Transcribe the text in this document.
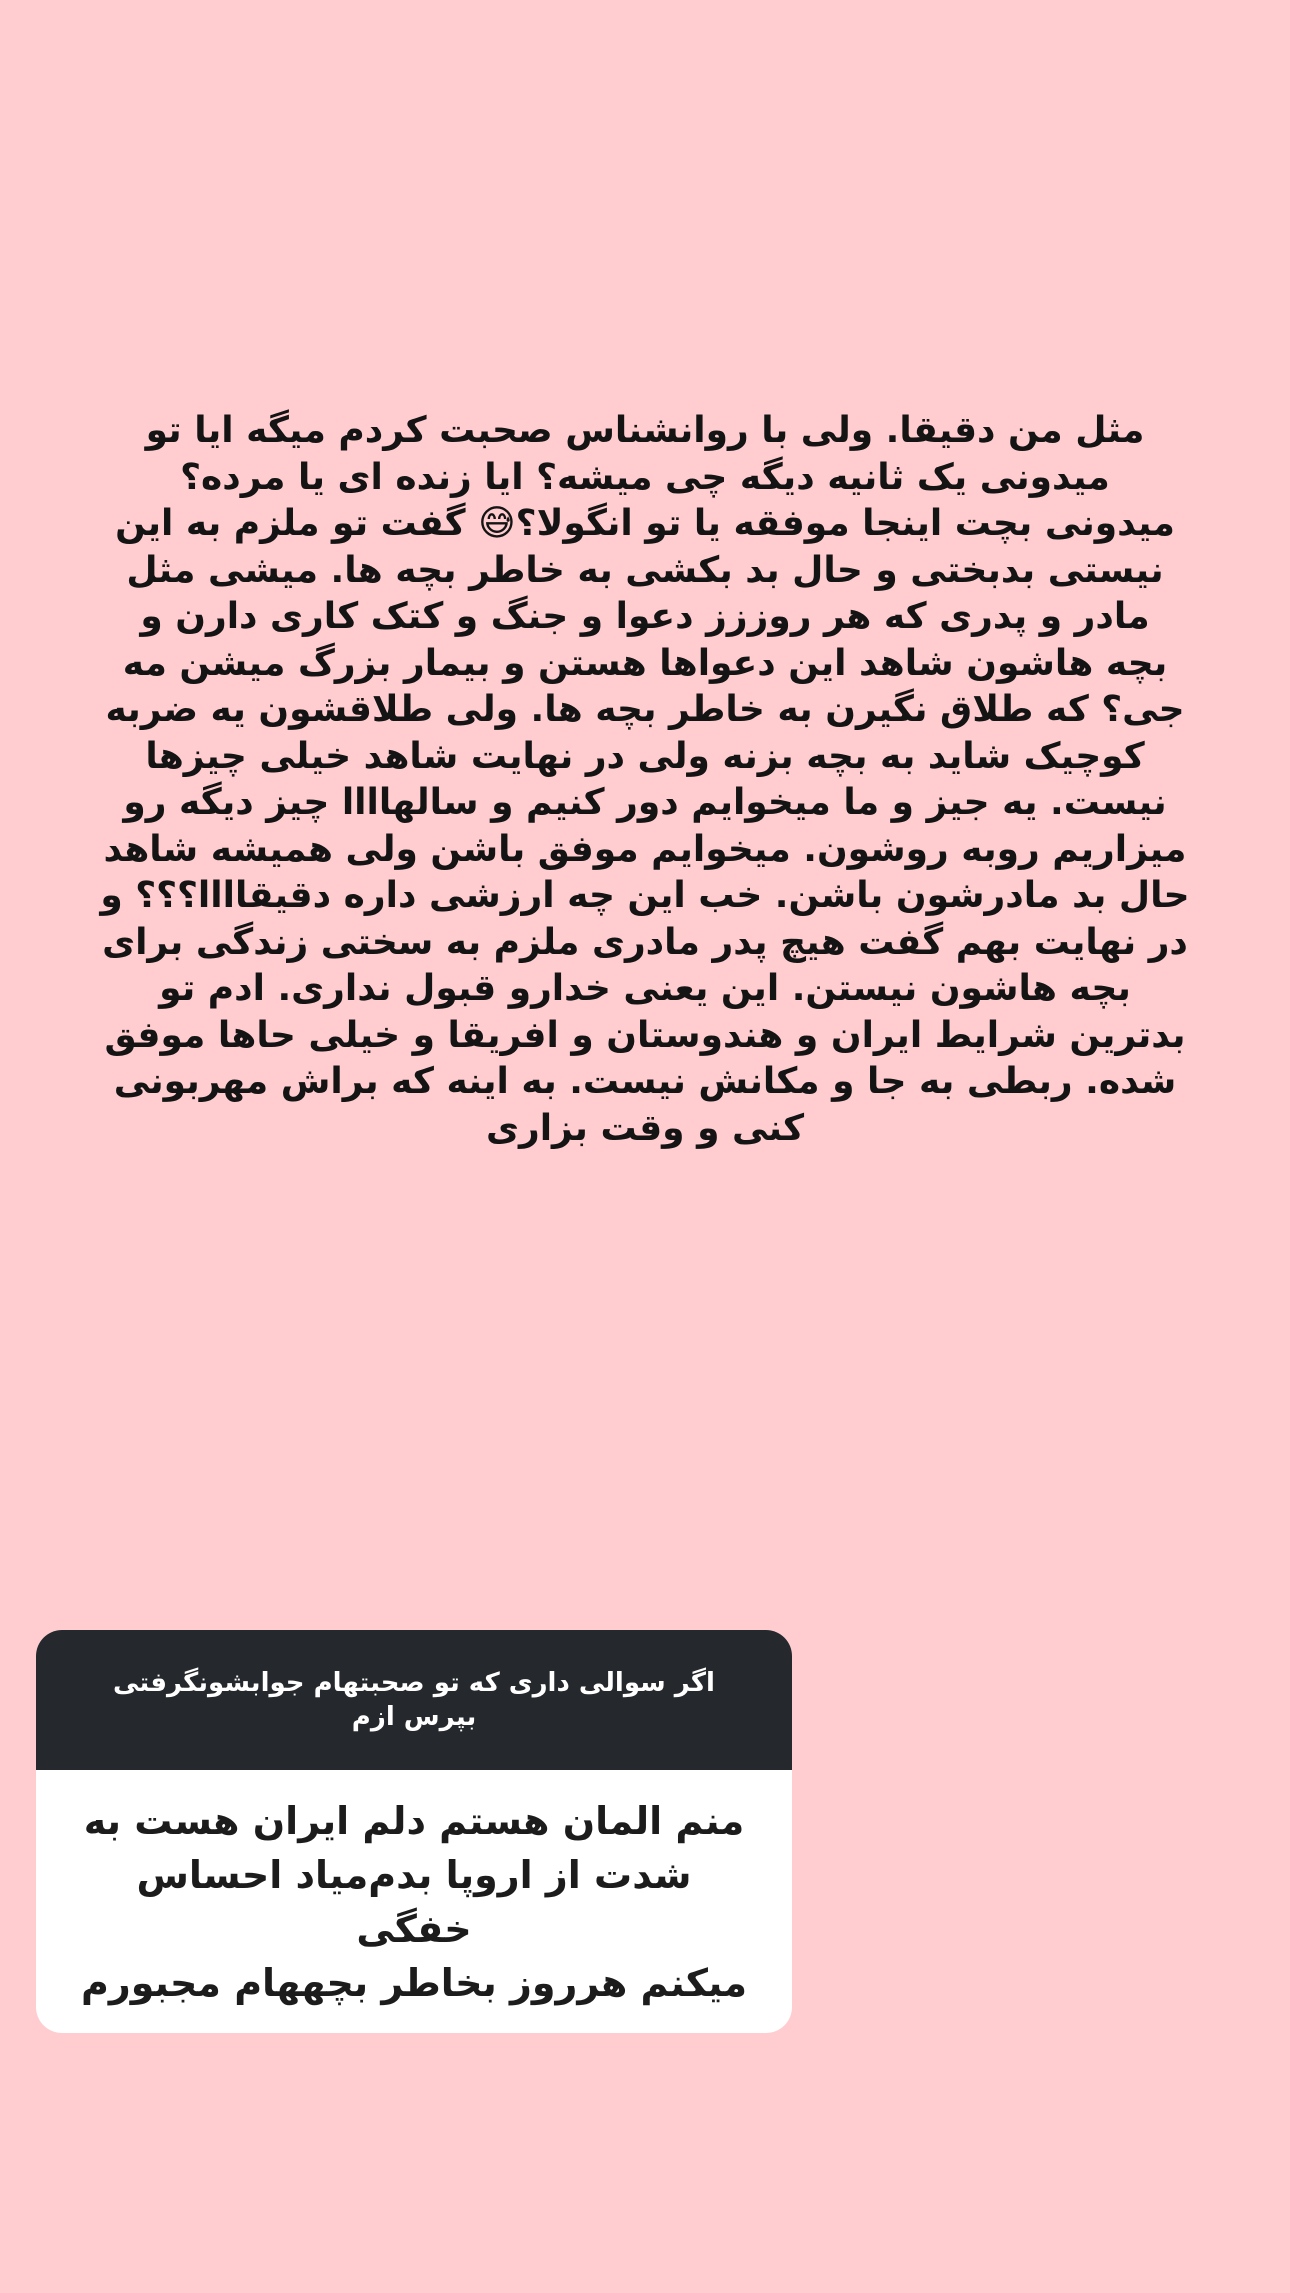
مثل من دقیقا. ولی با روانشناس صحبت کردم میگه ایا تو
میدونی یک ثانیه دیگه چی میشه؟ ایا زنده ای یا مرده؟
میدونی بچت اینجا موفقه یا تو انگولا؟😅 گفت تو ملزم به این
نیستی بدبختی و حال بد بکشی به خاطر بچه ها. میشی مثل
مادر و پدری که هر روززز دعوا و جنگ و کتک کاری دارن و
بچه هاشون شاهد این دعواها هستن و بیمار بزرگ میشن مه
جی؟ که طلاق نگیرن به خاطر بچه ها. ولی طلاقشون یه ضربه
کوچیک شاید به بچه بزنه ولی در نهایت شاهد خیلی چیزها
نیست. یه جیز و ما میخوایم دور کنیم و سالهاااا چیز دیگه رو
میزاریم روبه روشون. میخوایم موفق باشن ولی همیشه شاهد
حال بد مادرشون باشن. خب این چه ارزشی داره دقیقاااا؟؟؟ و
در نهایت بهم گفت هیچ پدر مادری ملزم به سختی زندگی برای
بچه هاشون نیستن. این یعنی خدارو قبول نداری. ادم تو
بدترین شرایط ایران و هندوستان و افریقا و خیلی حاها موفق
شده. ربطی به جا و مکانش نیست. به اینه که براش مهربونی
کنی و وقت بزاری
اگر سوالی داری که تو صحبتهام جوابشونگرفتی
بپرس ازم
منم المان هستم دلم ایران هست به
شدت از اروپا بدم‌میاد احساس خفگی
میکنم هرروز بخاطر بچههام مجبورم
